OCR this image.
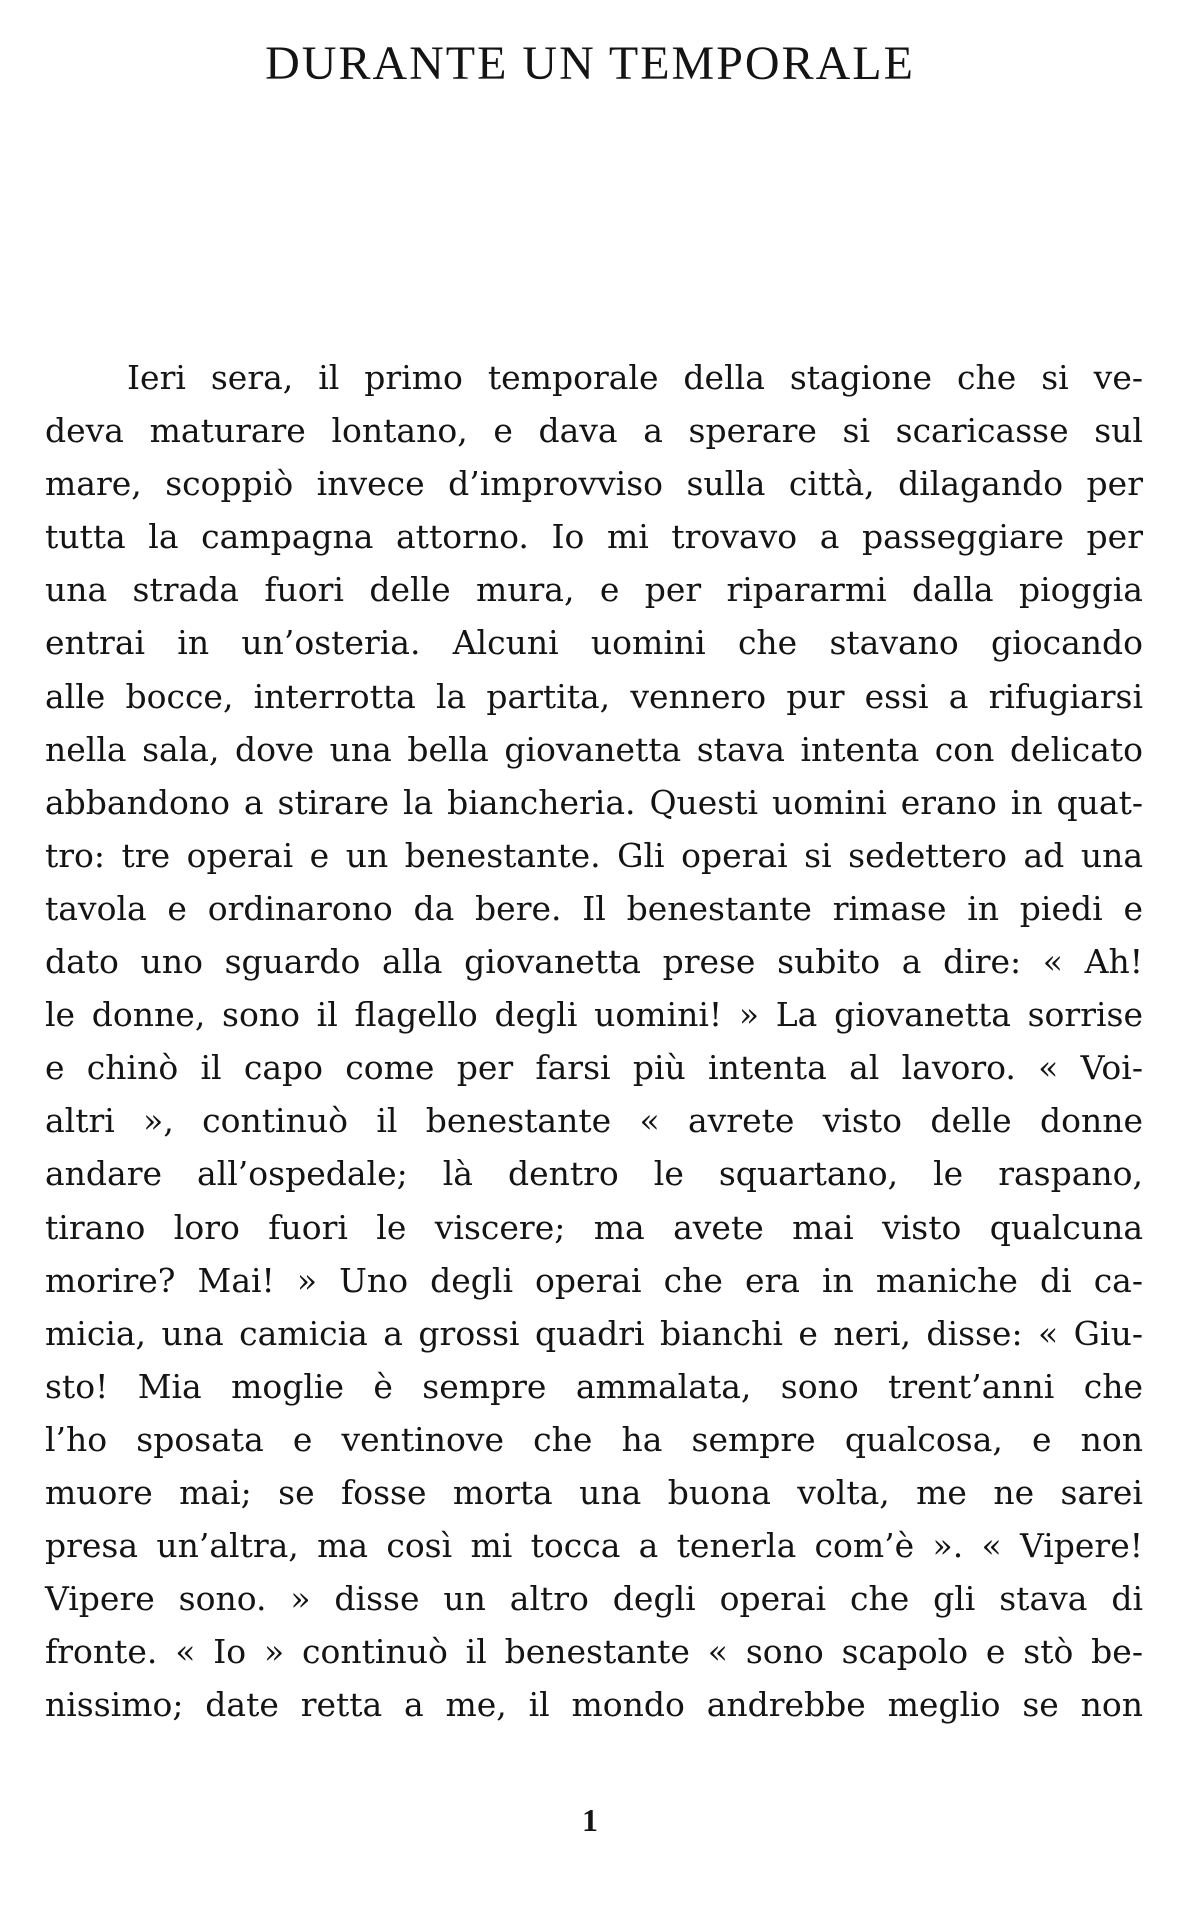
DURANTE UN TEMPORALE
Ieri sera, il primo temporale della stagione che si ve-
deva maturare lontano, e dava a sperare si scaricasse sul
mare, scoppiò invece d’improvviso sulla città, dilagando per
tutta la campagna attorno. Io mi trovavo a passeggiare per
una strada fuori delle mura, e per ripararmi dalla pioggia
entrai in un’osteria. Alcuni uomini che stavano giocando
alle bocce, interrotta la partita, vennero pur essi a rifugiarsi
nella sala, dove una bella giovanetta stava intenta con delicato
abbandono a stirare la biancheria. Questi uomini erano in quat-
tro: tre operai e un benestante. Gli operai si sedettero ad una
tavola e ordinarono da bere. Il benestante rimase in piedi e
dato uno sguardo alla giovanetta prese subito a dire: « Ah!
le donne, sono il flagello degli uomini! » La giovanetta sorrise
e chinò il capo come per farsi più intenta al lavoro. « Voi-
altri », continuò il benestante « avrete visto delle donne
andare all’ospedale; là dentro le squartano, le raspano,
tirano loro fuori le viscere; ma avete mai visto qualcuna
morire? Mai! » Uno degli operai che era in maniche di ca-
micia, una camicia a grossi quadri bianchi e neri, disse: « Giu-
sto! Mia moglie è sempre ammalata, sono trent’anni che
l’ho sposata e ventinove che ha sempre qualcosa, e non
muore mai; se fosse morta una buona volta, me ne sarei
presa un’altra, ma così mi tocca a tenerla com’è ». « Vipere!
Vipere sono. » disse un altro degli operai che gli stava di
fronte. « Io » continuò il benestante « sono scapolo e stò be-
nissimo; date retta a me, il mondo andrebbe meglio se non
1
